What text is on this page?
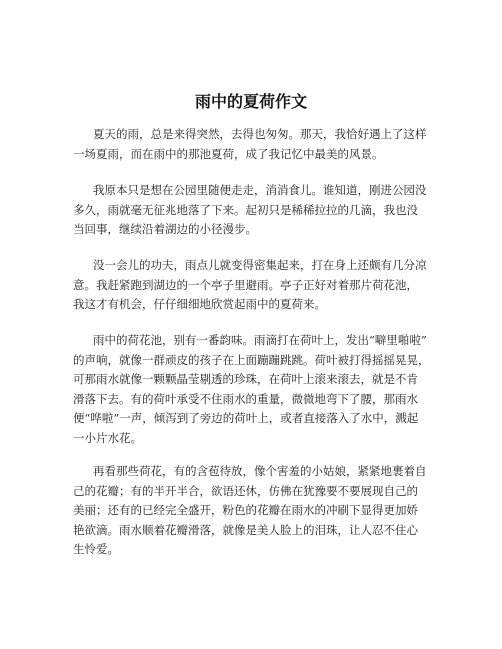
雨中的夏荷作文
夏天的雨，总是来得突然，去得也匆匆。那天，我恰好遇上了这样
一场夏雨，而在雨中的那池夏荷，成了我记忆中最美的风景。
我原本只是想在公园里随便走走，消消食儿。谁知道，刚进公园没
多久，雨就毫无征兆地落了下来。起初只是稀稀拉拉的几滴，我也没
当回事，继续沿着湖边的小径漫步。
没一会儿的功夫，雨点儿就变得密集起来，打在身上还颇有几分凉
意。我赶紧跑到湖边的一个亭子里避雨。亭子正好对着那片荷花池，
我这才有机会，仔仔细细地欣赏起雨中的夏荷来。
雨中的荷花池，别有一番韵味。雨滴打在荷叶上，发出“噼里啪啦”
的声响，就像一群顽皮的孩子在上面蹦蹦跳跳。荷叶被打得摇摇晃晃，
可那雨水就像一颗颗晶莹剔透的珍珠，在荷叶上滚来滚去，就是不肯
滑落下去。有的荷叶承受不住雨水的重量，微微地弯下了腰，那雨水
便“哗啦”一声，倾泻到了旁边的荷叶上，或者直接落入了水中，溅起
一小片水花。
再看那些荷花，有的含苞待放，像个害羞的小姑娘，紧紧地裹着自
己的花瓣；有的半开半合，欲语还休，仿佛在犹豫要不要展现自己的
美丽；还有的已经完全盛开，粉色的花瓣在雨水的冲刷下显得更加娇
艳欲滴。雨水顺着花瓣滑落，就像是美人脸上的泪珠，让人忍不住心
生怜爱。
